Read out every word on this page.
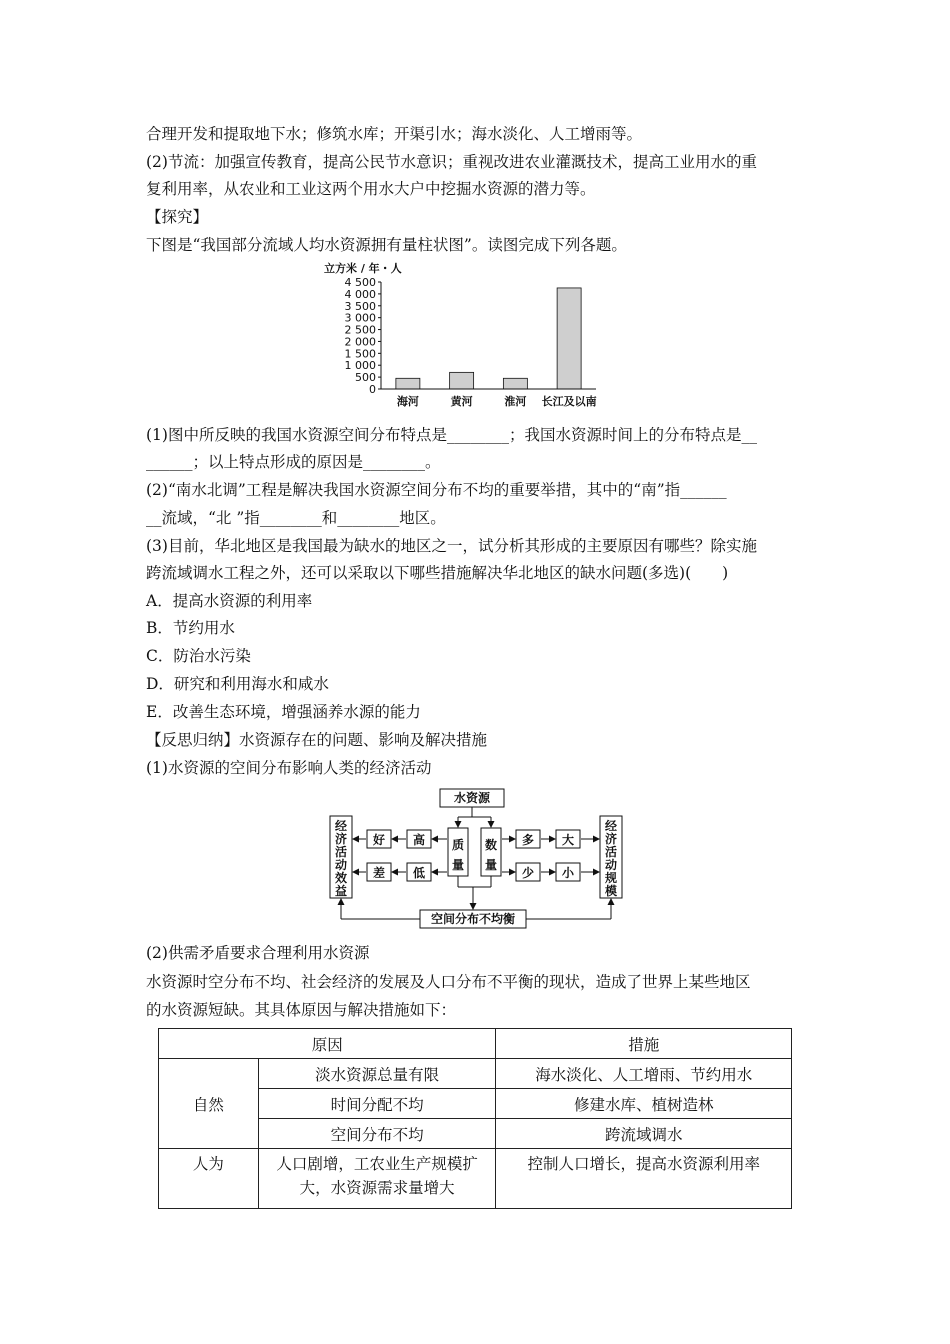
合理开发和提取地下水；修筑水库；开渠引水；海水淡化、人工增雨等。
(2)节流：加强宣传教育，提高公民节水意识；重视改进农业灌溉技术，提高工业用水的重
复利用率，从农业和工业这两个用水大户中挖掘水资源的潜力等。
【探究】
下图是“我国部分流域人均水资源拥有量柱状图”。读图完成下列各题。
立方米 / 年・人
0
500
1 000
1 500
2 000
2 500
3 000
3 500
4 000
4 500
海河	黄河	淮河 长江及以南
(1)图中所反映的我国水资源空间分布特点是________；我国水资源时间上的分布特点是__
______；以上特点形成的原因是________。
(2)“南水北调”工程是解决我国水资源空间分布不均的重要举措，其中的“南”指______
__流域，“北 ”指________和________地区。
(3)目前，华北地区是我国最为缺水的地区之一，试分析其形成的主要原因有哪些？除实施
跨流域调水工程之外，还可以采取以下哪些措施解决华北地区的缺水问题(多选)(　　)
A．提高水资源的利用率
B．节约用水
C．防治水污染
D．研究和利用海水和咸水
E．改善生态环境，增强涵养水源的能力
【反思归纳】水资源存在的问题、影响及解决措施
(1)水资源的空间分布影响人类的经济活动
水资源
高
低
好
差
多
少
大
小
空间分布不均衡
质
量
数
量
经
济
活
动
效
益
经
济
活
动
规
模
(2)供需矛盾要求合理利用水资源
水资源时空分布不均、社会经济的发展及人口分布不平衡的现状，造成了世界上某些地区
的水资源短缺。其具体原因与解决措施如下：
原因		措施
自然	淡水资源总量有限	海水淡化、人工增雨、节约用水
	时间分配不均	修建水库、植树造林
	空间分布不均	跨流域调水
人为	人口剧增，工农业生产规模扩
大，水资源需求量增大	控制人口增长，提高水资源利用率
